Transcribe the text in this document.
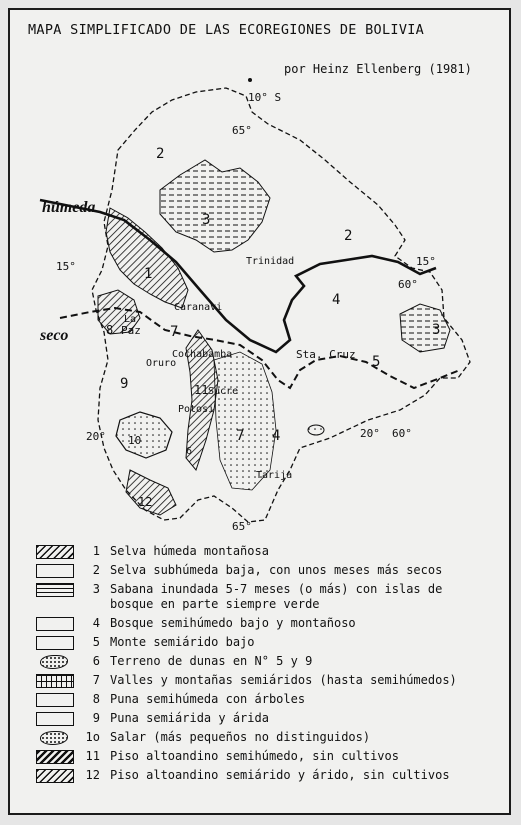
MAPA SIMPLIFICADO DE LAS ECOREGIONES DE BOLIVIA
por Heinz Ellenberg (1981)
10° S
65°
15°	15°
60°
20°	20° 60°
65°
Trinidad
Caranavi
La
Paz
Oruro
Cochabamba	Sta. Cruz
Sucre
Potosi
Tarija
húmeda
seco
1
2
2
3
3
4
4
5
6
7
7
8
9
10
11
12
1 Selva húmeda montañosa
2 Selva subhúmeda baja, con unos meses más secos
3 Sabana inundada 5-7 meses (o más) con islas de
bosque en parte siempre verde
4 Bosque semihúmedo bajo y montañoso
5 Monte semiárido bajo
6 Terreno de dunas en N° 5 y 9
7 Valles y montañas semiáridos (hasta semihúmedos)
8 Puna semihúmeda con árboles
9 Puna semiárida y árida
1o Salar (más pequeños no distinguidos)
11 Piso altoandino semihúmedo, sin cultivos
12 Piso altoandino semiárido y árido, sin cultivos
